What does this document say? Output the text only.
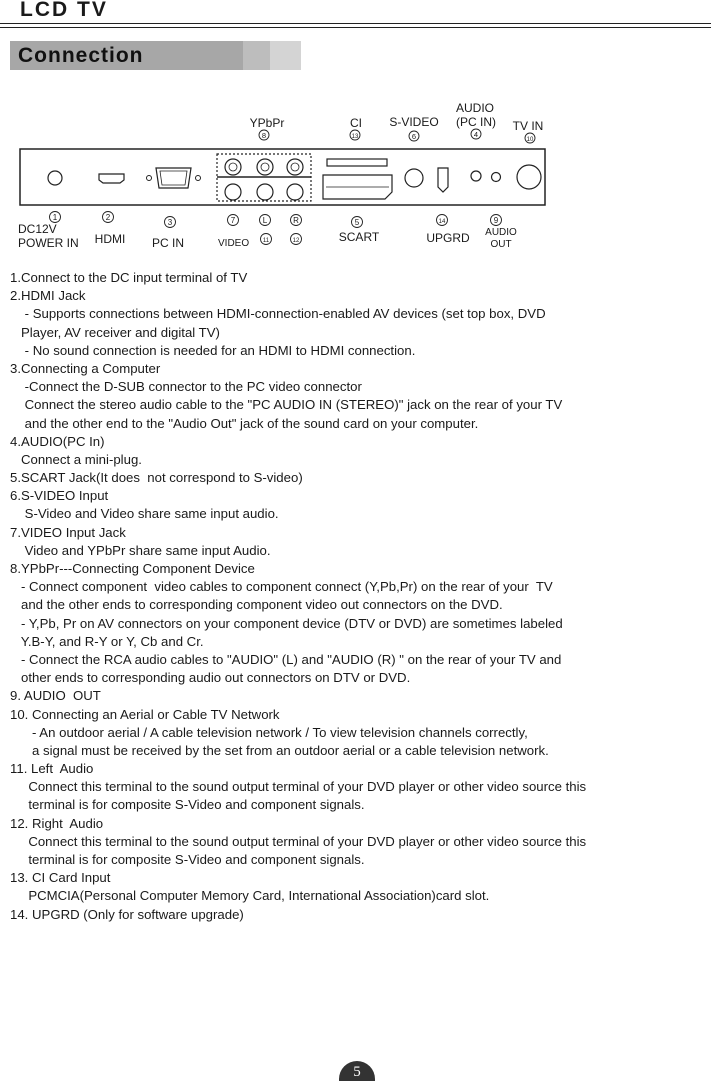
LCD TV
Connection
YPbPr
8
CI
13
S-VIDEO
6
AUDIO
(PC IN)
4
TV IN
10
1	2
3	7	L	R	5	14	9
DC12V
POWER IN HDMI PC IN	VIDEO 11	12	SCART	UPGRD AUDIO
OUT
1.Connect to the DC input terminal of TV
2.HDMI Jack
- Supports connections between HDMI-connection-enabled AV devices (set top box, DVD
Player, AV receiver and digital TV)
- No sound connection is needed for an HDMI to HDMI connection.
3.Connecting a Computer
-Connect the D-SUB connector to the PC video connector
Connect the stereo audio cable to the "PC AUDIO IN (STEREO)" jack on the rear of your TV
and the other end to the "Audio Out" jack of the sound card on your computer.
4.AUDIO(PC In)
Connect a mini-plug.
5.SCART Jack(It does  not correspond to S-video)
6.S-VIDEO Input
S-Video and Video share same input audio.
7.VIDEO Input Jack
Video and YPbPr share same input Audio.
8.YPbPr---Connecting Component Device
- Connect component  video cables to component connect (Y,Pb,Pr) on the rear of your  TV
and the other ends to corresponding component video out connectors on the DVD.
- Y,Pb, Pr on AV connectors on your component device (DTV or DVD) are sometimes labeled
Y.B-Y, and R-Y or Y, Cb and Cr.
- Connect the RCA audio cables to "AUDIO" (L) and "AUDIO (R) " on the rear of your TV and
other ends to corresponding audio out connectors on DTV or DVD.
9. AUDIO  OUT
10. Connecting an Aerial or Cable TV Network
- An outdoor aerial / A cable television network / To view television channels correctly,
a signal must be received by the set from an outdoor aerial or a cable television network.
11. Left  Audio
Connect this terminal to the sound output terminal of your DVD player or other video source this
terminal is for composite S-Video and component signals.
12. Right  Audio
Connect this terminal to the sound output terminal of your DVD player or other video source this
terminal is for composite S-Video and component signals.
13. CI Card Input
PCMCIA(Personal Computer Memory Card, International Association)card slot.
14. UPGRD (Only for software upgrade)
5
